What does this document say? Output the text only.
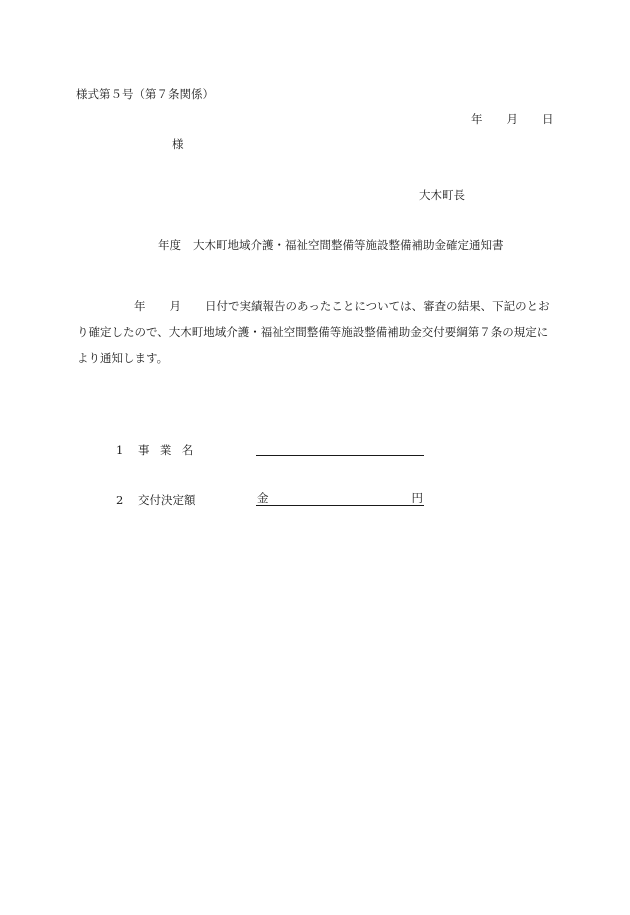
様式第５号（第７条関係）
年 月 日
様
大木町長
年度 大木町地域介護・福祉空間整備等施設整備補助金確定通知書
年 月 日付で実績報告のあったことについては、審査の結果、下記のとおり確定したので、大木町地域介護・福祉空間整備等施設整備補助金交付要綱第７条の規定により通知します。
1 事業名
2 交付決定額	金	円
